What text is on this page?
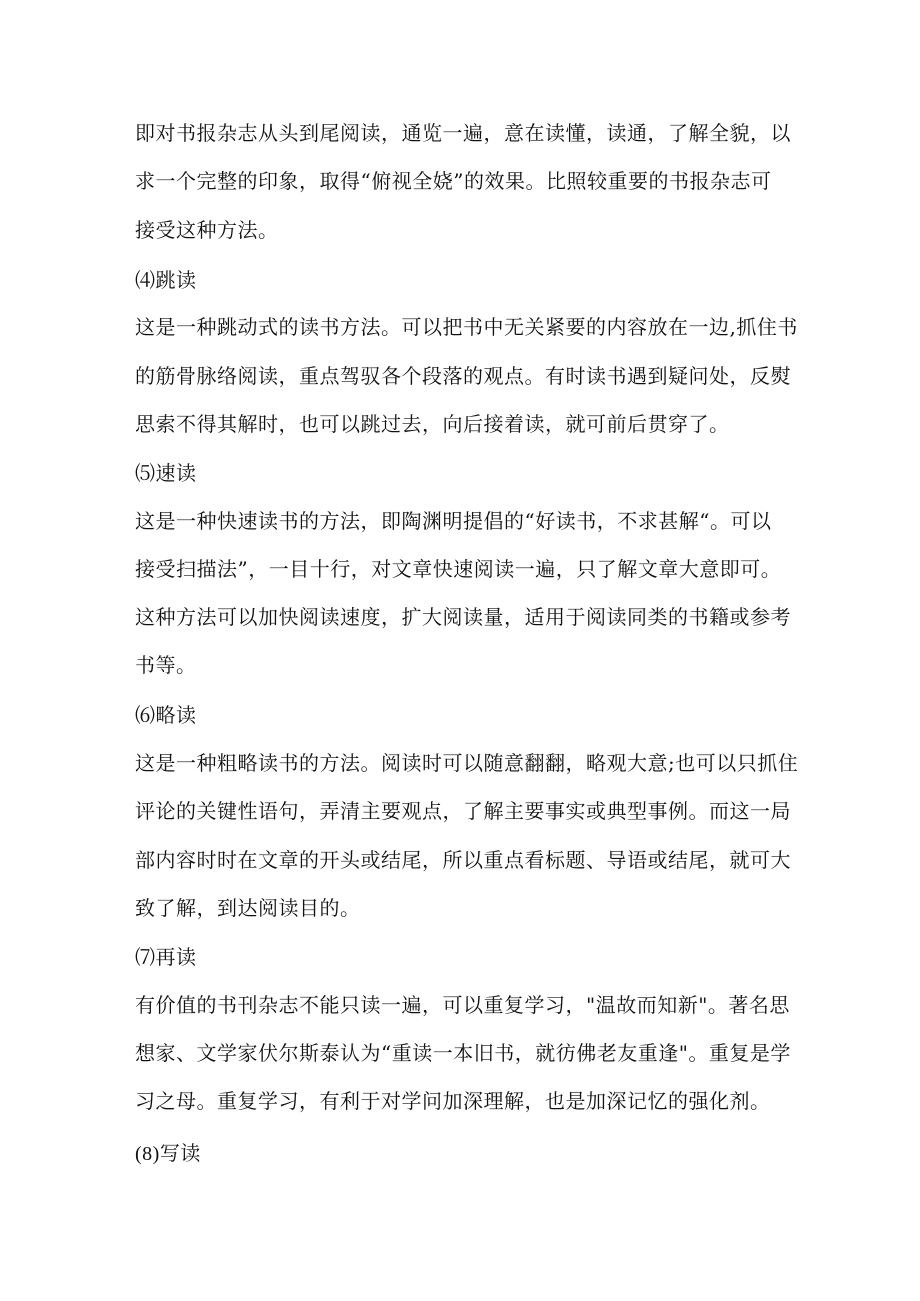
即对书报杂志从头到尾阅读，通览一遍，意在读懂，读通，了解全貌，以
求一个完整的印象，取得“俯视全娆”的效果。比照较重要的书报杂志可
接受这种方法。
⑷跳读
这是一种跳动式的读书方法。可以把书中无关紧要的内容放在一边,抓住书
的筋骨脉络阅读，重点驾驭各个段落的观点。有时读书遇到疑问处，反熨
思索不得其解时，也可以跳过去，向后接着读，就可前后贯穿了。
⑸速读
这是一种快速读书的方法，即陶渊明提倡的“好读书，不求甚解“。可以
接受扫描法”，一目十行，对文章快速阅读一遍，只了解文章大意即可。
这种方法可以加快阅读速度，扩大阅读量，适用于阅读同类的书籍或参考
书等。
⑹略读
这是一种粗略读书的方法。阅读时可以随意翻翻，略观大意;也可以只抓住
评论的关键性语句，弄清主要观点，了解主要事实或典型事例。而这一局
部内容时时在文章的开头或结尾，所以重点看标题、导语或结尾，就可大
致了解，到达阅读目的。
⑺再读
有价值的书刊杂志不能只读一遍，可以重复学习，"温故而知新"。著名思
想家、文学家伏尔斯泰认为“重读一本旧书，就彷佛老友重逢"。重复是学
习之母。重复学习，有利于对学问加深理解，也是加深记忆的强化剂。
(8)写读
